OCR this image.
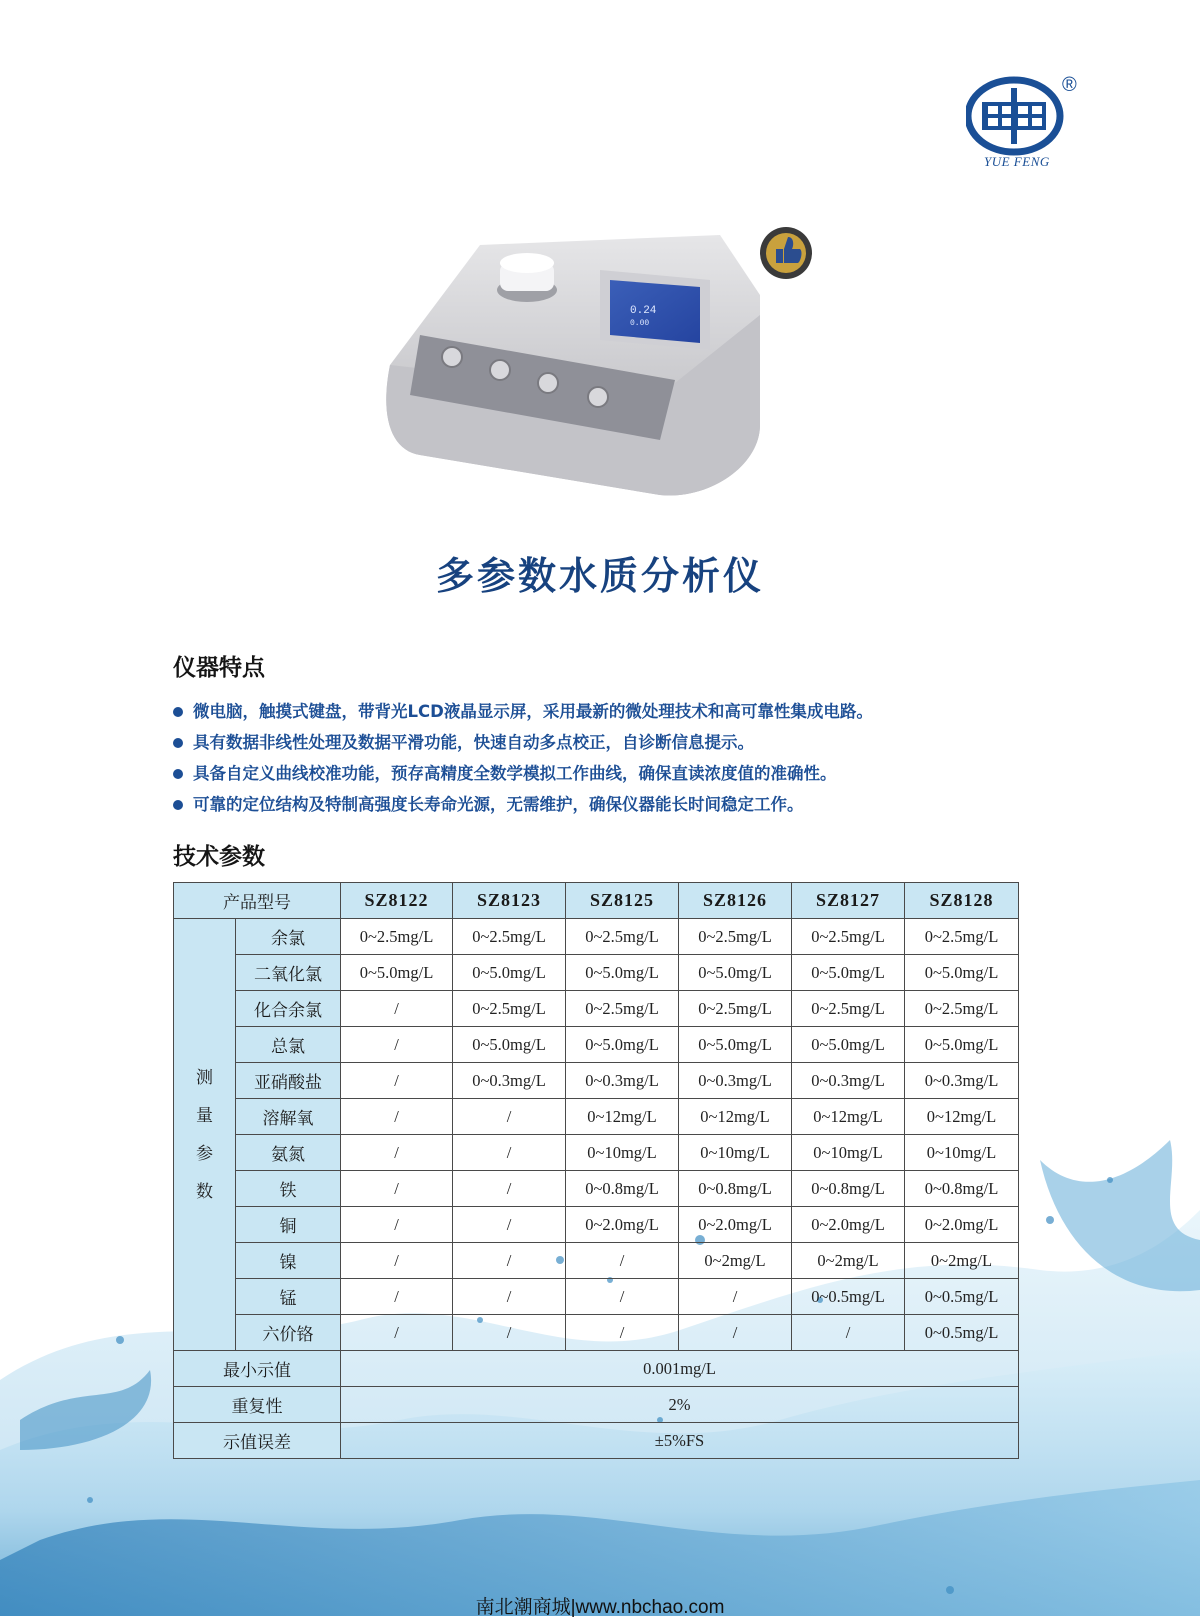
®
YUE FENG
0.24
0.00
多参数水质分析仪
仪器特点
微电脑，触摸式键盘，带背光LCD液晶显示屏，采用最新的微处理技术和高可靠性集成电路。
具有数据非线性处理及数据平滑功能，快速自动多点校正，自诊断信息提示。
具备自定义曲线校准功能，预存高精度全数学模拟工作曲线，确保直读浓度值的准确性。
可靠的定位结构及特制高强度长寿命光源，无需维护，确保仪器能长时间稳定工作。
技术参数
产品型号		SZ8122	SZ8123	SZ8125	SZ8126	SZ8127	SZ8128

测
量
参
数	余氯	0~2.5mg/L	0~2.5mg/L	0~2.5mg/L	0~2.5mg/L	0~2.5mg/L	0~2.5mg/L
	二氧化氯	0~5.0mg/L	0~5.0mg/L	0~5.0mg/L	0~5.0mg/L	0~5.0mg/L	0~5.0mg/L
	化合余氯	/	0~2.5mg/L	0~2.5mg/L	0~2.5mg/L	0~2.5mg/L	0~2.5mg/L
	总氯	/	0~5.0mg/L	0~5.0mg/L	0~5.0mg/L	0~5.0mg/L	0~5.0mg/L
	亚硝酸盐	/	0~0.3mg/L	0~0.3mg/L	0~0.3mg/L	0~0.3mg/L	0~0.3mg/L
	溶解氧	/	/	0~12mg/L	0~12mg/L	0~12mg/L	0~12mg/L
	氨氮	/	/	0~10mg/L	0~10mg/L	0~10mg/L	0~10mg/L
	铁	/	/	0~0.8mg/L	0~0.8mg/L	0~0.8mg/L	0~0.8mg/L
	铜	/	/	0~2.0mg/L	0~2.0mg/L	0~2.0mg/L	0~2.0mg/L
	镍	/	/	/	0~2mg/L	0~2mg/L	0~2mg/L
	锰	/	/	/	/	0~0.5mg/L	0~0.5mg/L
	六价铬	/	/	/	/	/	0~0.5mg/L
最小示值		0.001mg/L					
重复性		2%					
示值误差		±5%FS					
南北潮商城|www.nbchao.com
